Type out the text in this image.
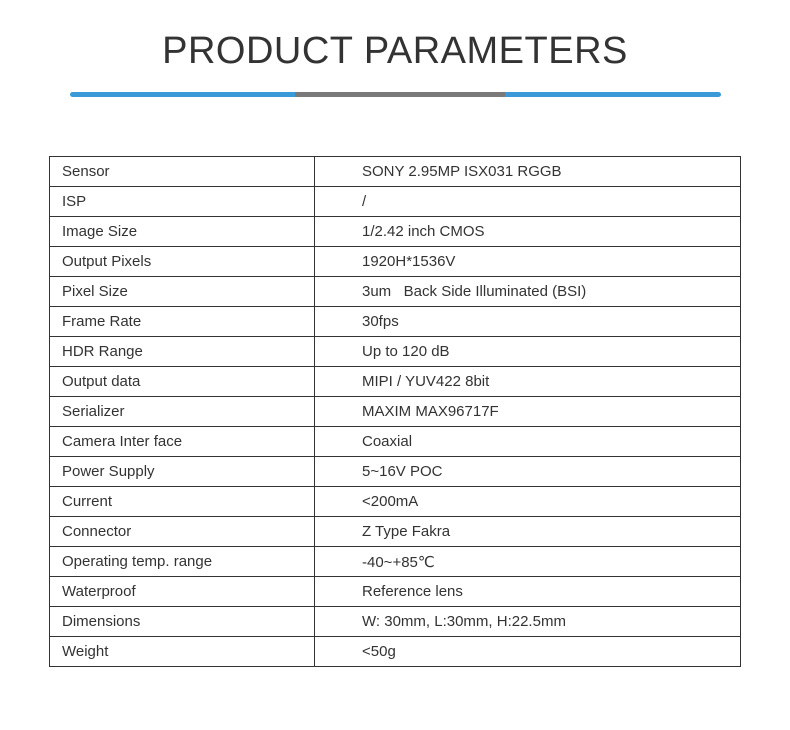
PRODUCT PARAMETERS
Sensor	SONY 2.95MP ISX031 RGGB
ISP	/
Image Size	1/2.42 inch CMOS
Output Pixels	1920H*1536V
Pixel Size	3um   Back Side Illuminated (BSI)
Frame Rate	30fps
HDR Range	Up to 120 dB
Output data	MIPI / YUV422 8bit
Serializer	MAXIM MAX96717F
Camera Inter face	Coaxial
Power Supply	5~16V POC
Current	<200mA
Connector	Z Type Fakra
Operating temp. range	-40~+85℃
Waterproof	Reference lens
Dimensions	W: 30mm, L:30mm, H:22.5mm
Weight	<50g
